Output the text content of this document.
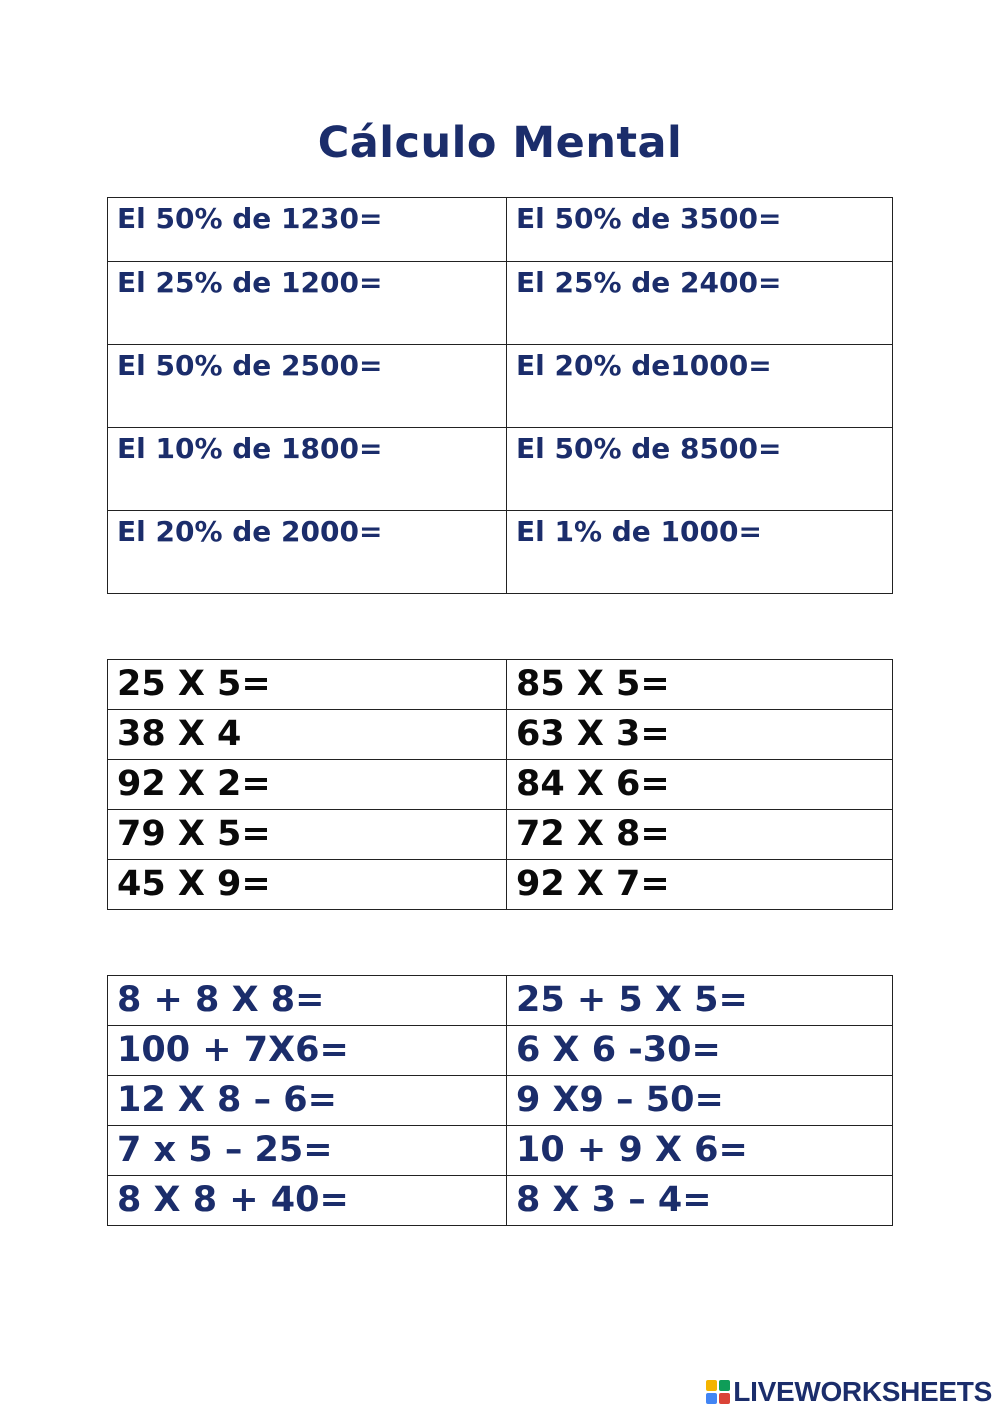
Cálculo Mental
El 50% de 1230=	El 50% de 3500=
El 25% de 1200=	El 25% de 2400=
El 50% de 2500=	El 20% de1000=
El 10% de 1800=	El 50% de 8500=
El 20% de 2000=	El 1% de 1000=
25 X 5=	85 X 5=
38 X 4	63 X 3=
92 X 2=	84 X 6=
79 X 5=	72 X 8=
45 X 9=	92 X 7=
8 + 8 X 8=	25 + 5 X 5=
100 + 7X6=	6 X 6 -30=
12 X 8 – 6=	9 X9 – 50=
7 x 5 – 25=	10 + 9 X 6=
8 X 8 + 40=	8 X 3 – 4=
LIVEWORKSHEETS
